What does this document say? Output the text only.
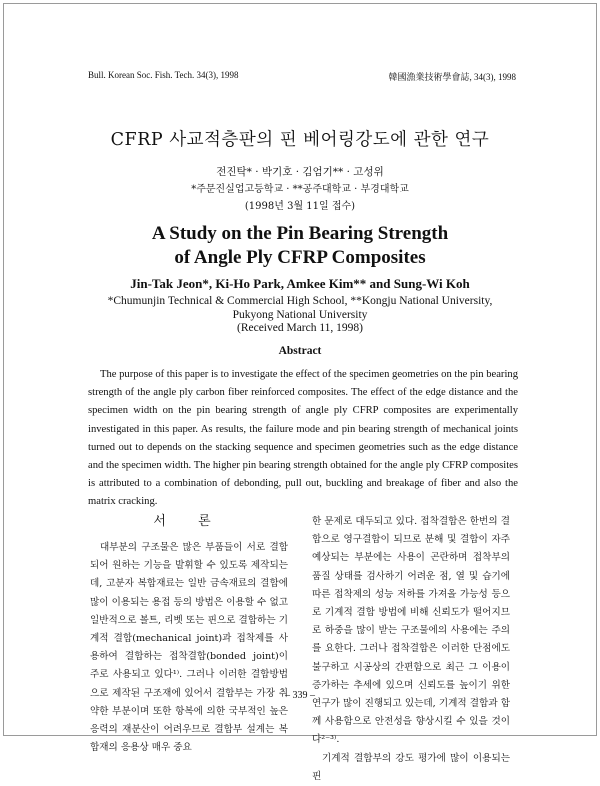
Bull. Korean Soc. Fish. Tech. 34(3), 1998	韓國漁業技術學會誌, 34(3), 1998
CFRP 사교적층판의 핀 베어링강도에 관한 연구
전진탁* · 박기호 · 김엄기** · 고성위
*주문진실업고등학교 · **공주대학교 · 부경대학교
(1998년 3월 11일 접수)
A Study on the Pin Bearing Strength
of Angle Ply CFRP Composites
Jin-Tak Jeon*, Ki-Ho Park, Amkee Kim** and Sung-Wi Koh
*Chumunjin Technical & Commercial High School, **Kongju National University,
Pukyong National University
(Received March 11, 1998)
Abstract
The purpose of this paper is to investigate the effect of the specimen geometries on the pin bearing strength of the angle ply carbon fiber reinforced composites. The effect of the edge distance and the specimen width on the pin bearing strength of angle ply CFRP composites are experimentally investigated in this paper. As results, the failure mode and pin bearing strength of mechanical joints turned out to depends on the stacking sequence and specimen geometries such as the edge distance and the specimen width. The higher pin bearing strength obtained for the angle ply CFRP composites is attributed to a combination of debonding, pull out, buckling and breakage of fiber and also the matrix cracking.
서 론

대부분의 구조물은 많은 부품들이 서로 결합되어 원하는 기능을 발휘할 수 있도록 제작되는데, 고분자 복합재료는 일반 금속재료의 결합에 많이 이용되는 용접 등의 방법은 이용할 수 없고 일반적으로 볼트, 리벳 또는 핀으로 결합하는 기계적 결합(mechanical joint)과 접착제를 사용하여 결합하는 접착결합(bonded joint)이 주로 사용되고 있다¹⁾. 그러나 이러한 결합방법으로 제작된 구조재에 있어서 결합부는 가장 취약한 부분이며 또한 항복에 의한 국부적인 높은 응력의 재분산이 어려우므로 결합부 설계는 복합재의 응용상 매우 중요

한 문제로 대두되고 있다. 접착결합은 한번의 결합으로 영구결합이 되므로 분해 및 결합이 자주 예상되는 부분에는 사용이 곤란하며 접착부의 품질 상태를 검사하기 어려운 점, 열 및 습기에 따른 접착제의 성능 저하를 가져올 가능성 등으로 기계적 결합 방법에 비해 신뢰도가 떨어지므로 하중을 많이 받는 구조물에의 사용에는 주의를 요한다. 그러나 접착결합은 이러한 단점에도 불구하고 시공상의 간편함으로 최근 그 이용이 증가하는 추세에 있으며 신뢰도를 높이기 위한 연구가 많이 진행되고 있는데, 기계적 결합과 함께 사용함으로 안전성을 향상시킬 수 있을 것이다²⁻³⁾.

기계적 결합부의 강도 평가에 많이 이용되는 핀

– 339 –
